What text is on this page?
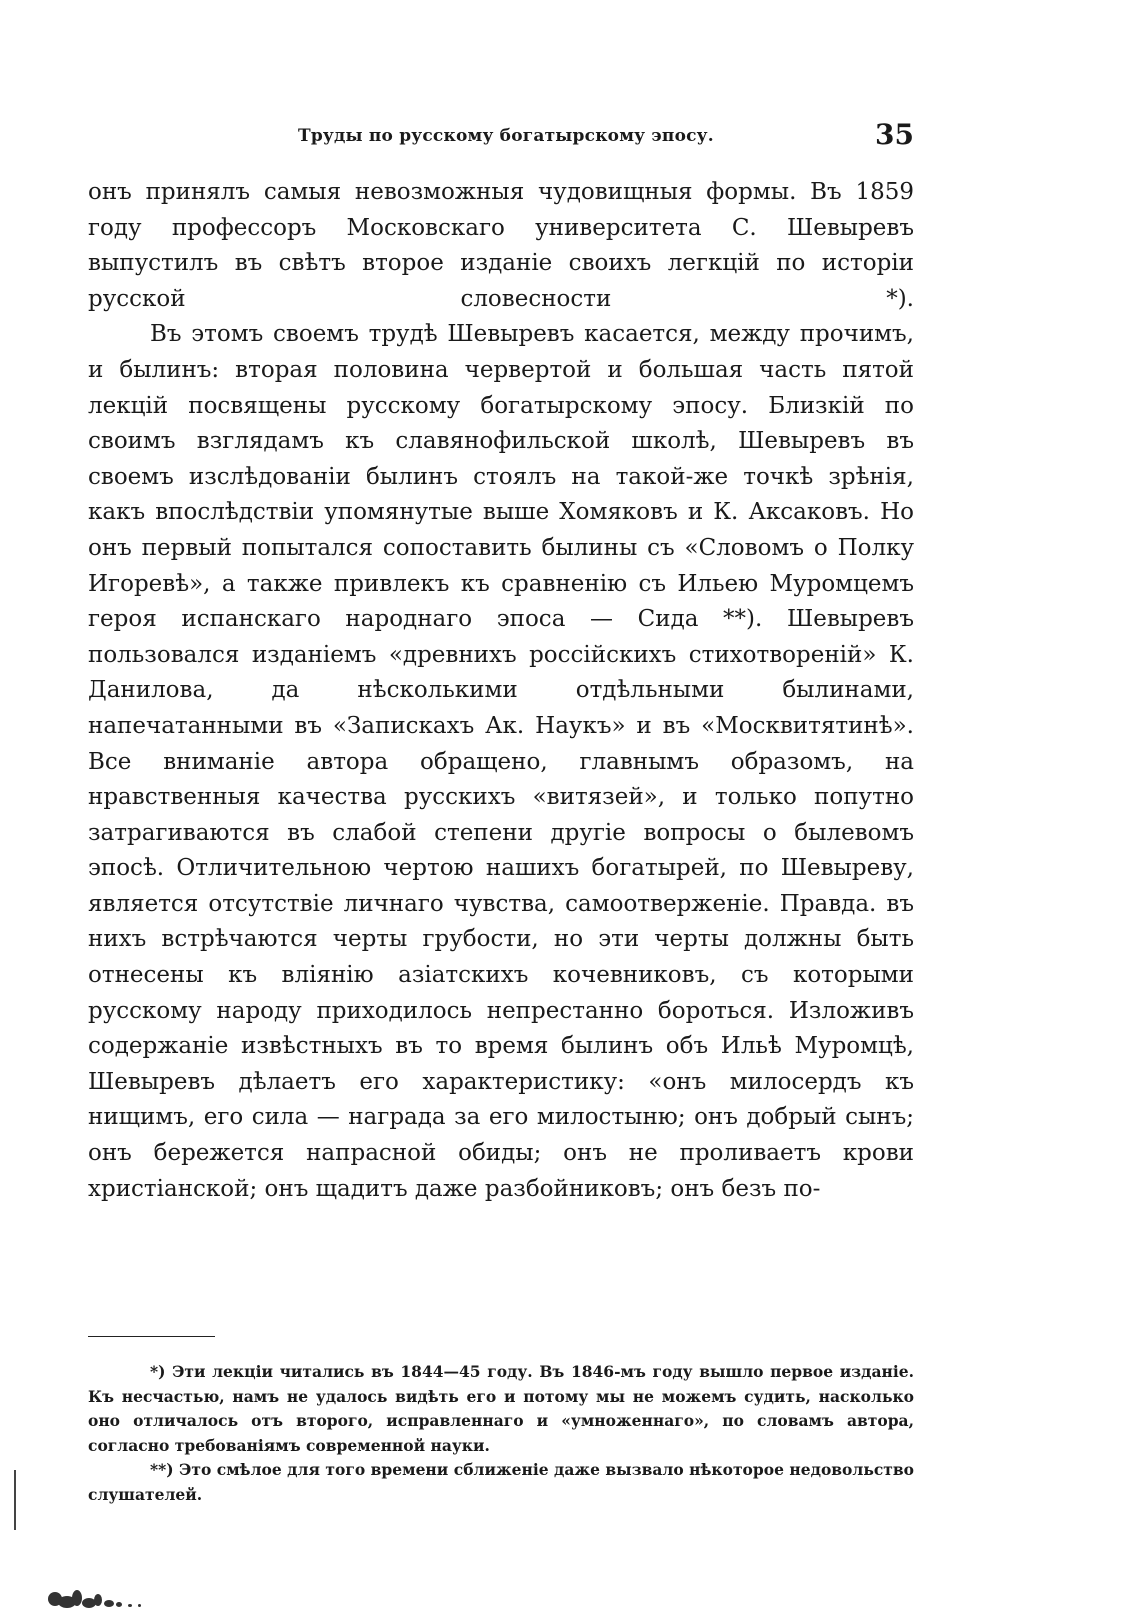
Труды по русскому богатырскому эпосу.	35

онъ принялъ самыя невозможныя чудовищныя формы. Въ 1859 году профессоръ Московскаго университета С. Шевыревъ выпустилъ въ свѣтъ второе изданіе своихъ легкцій по исторіи русской словесности *).

Въ этомъ своемъ трудѣ Шевыревъ касается, между прочимъ, и былинъ: вторая половина червертой и большая часть пятой лекцій посвящены русскому богатырскому эпосу. Близкій по своимъ взглядамъ къ славянофильской школѣ, Шевыревъ въ своемъ изслѣдованіи былинъ стоялъ на такой-же точкѣ зрѣнія, какъ впослѣдствіи упомянутые выше Хомяковъ и К. Аксаковъ. Но онъ первый попытался сопоставить былины съ «Словомъ о Полку Игоревѣ», а также привлекъ къ сравненію съ Ильею Муромцемъ героя испанскаго народнаго эпоса — Сида **). Шевыревъ пользовался изданіемъ «древнихъ россійскихъ стихотвореній» К. Данилова, да нѣсколькими отдѣльными былинами, напечатанными въ «Запискахъ Ак. Наукъ» и въ «Москвитятинѣ». Все вниманіе автора обращено, главнымъ образомъ, на нравственныя качества русскихъ «витязей», и только попутно затрагиваются въ слабой степени другіе вопросы о былевомъ эпосѣ. Отличительною чертою нашихъ богатырей, по Шевыреву, является отсутствіе личнаго чувства, самоотверженіе. Правда. въ нихъ встрѣчаются черты грубости, но эти черты должны быть отнесены къ вліянію азіатскихъ кочевниковъ, съ которыми русскому народу приходилось непрестанно бороться. Изложивъ содержаніе извѣстныхъ въ то время былинъ объ Ильѣ Муромцѣ, Шевыревъ дѣлаетъ его характеристику: «онъ милосердъ къ нищимъ, его сила — награда за его милостыню; онъ добрый сынъ; онъ бережется напрасной обиды; онъ не проливаетъ крови христіанской; онъ щадитъ даже разбойниковъ; онъ безъ по-

*) Эти лекціи читались въ 1844—45 году. Въ 1846-мъ году вышло первое изданіе. Къ несчастью, намъ не удалось видѣть его и потому мы не можемъ судить, насколько оно отличалось отъ второго, исправленнаго и «умноженнаго», по словамъ автора, согласно требованіямъ современной науки.

**) Это смѣлое для того времени сближеніе даже вызвало нѣкоторое недовольство слушателей.
